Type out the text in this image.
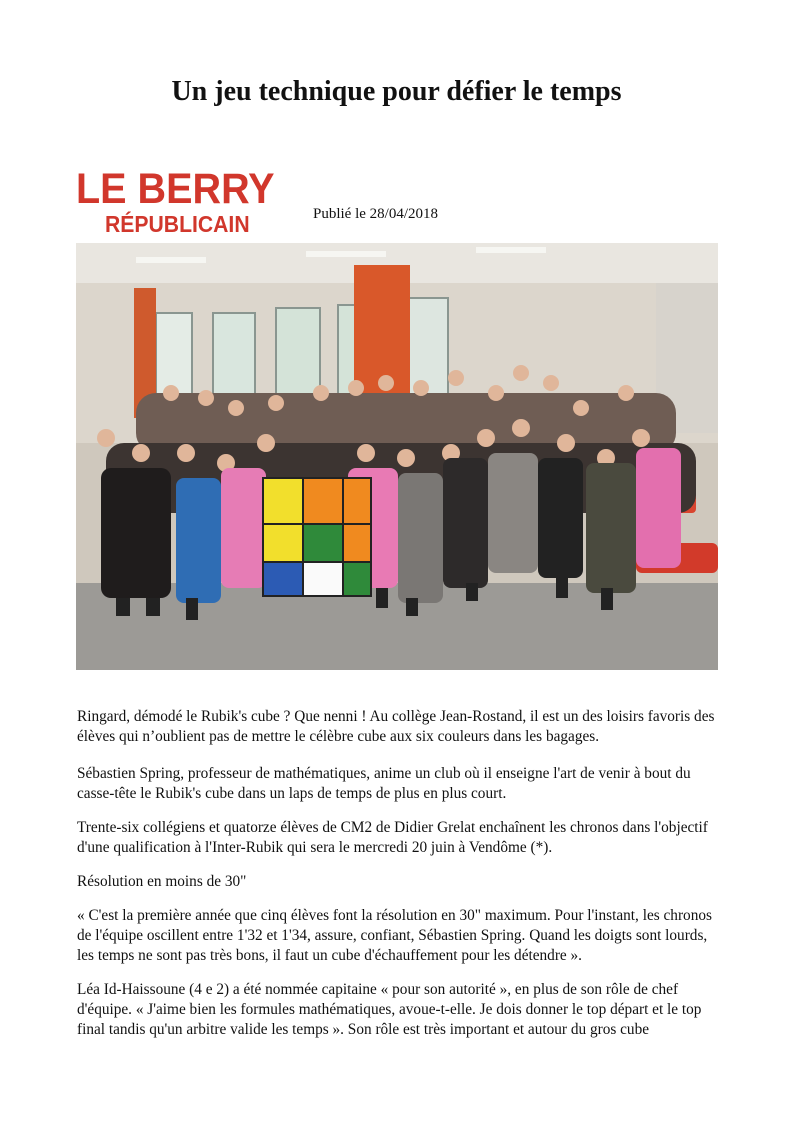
Un jeu technique pour défier le temps
LE BERRY
RÉPUBLICAIN	Publié le 28/04/2018

Ringard, démodé le Rubik's cube ? Que nenni ! Au collège Jean-Rostand, il est un des loisirs favoris des élèves qui n’oublient pas de mettre le célèbre cube aux six couleurs dans les bagages.

Sébastien Spring, professeur de mathématiques, anime un club où il enseigne l'art de venir à bout du casse-tête le Rubik's cube dans un laps de temps de plus en plus court.

Trente-six collégiens et quatorze élèves de CM2 de Didier Grelat enchaînent les chronos dans l'objectif d'une qualification à l'Inter-Rubik qui sera le mercredi 20 juin à Vendôme (*).

Résolution en moins de 30"

« C'est la première année que cinq élèves font la résolution en 30" maximum. Pour l'instant, les chronos de l'équipe oscillent entre 1'32 et 1'34, assure, confiant, Sébastien Spring. Quand les doigts sont lourds, les temps ne sont pas très bons, il faut un cube d'échauffement pour les détendre ».

Léa Id-Haissoune (4 e 2) a été nommée capitaine « pour son autorité », en plus de son rôle de chef d'équipe. « J'aime bien les formules mathématiques, avoue-t-elle. Je dois donner le top départ et le top final tandis qu'un arbitre valide les temps ». Son rôle est très important et autour du gros cube
